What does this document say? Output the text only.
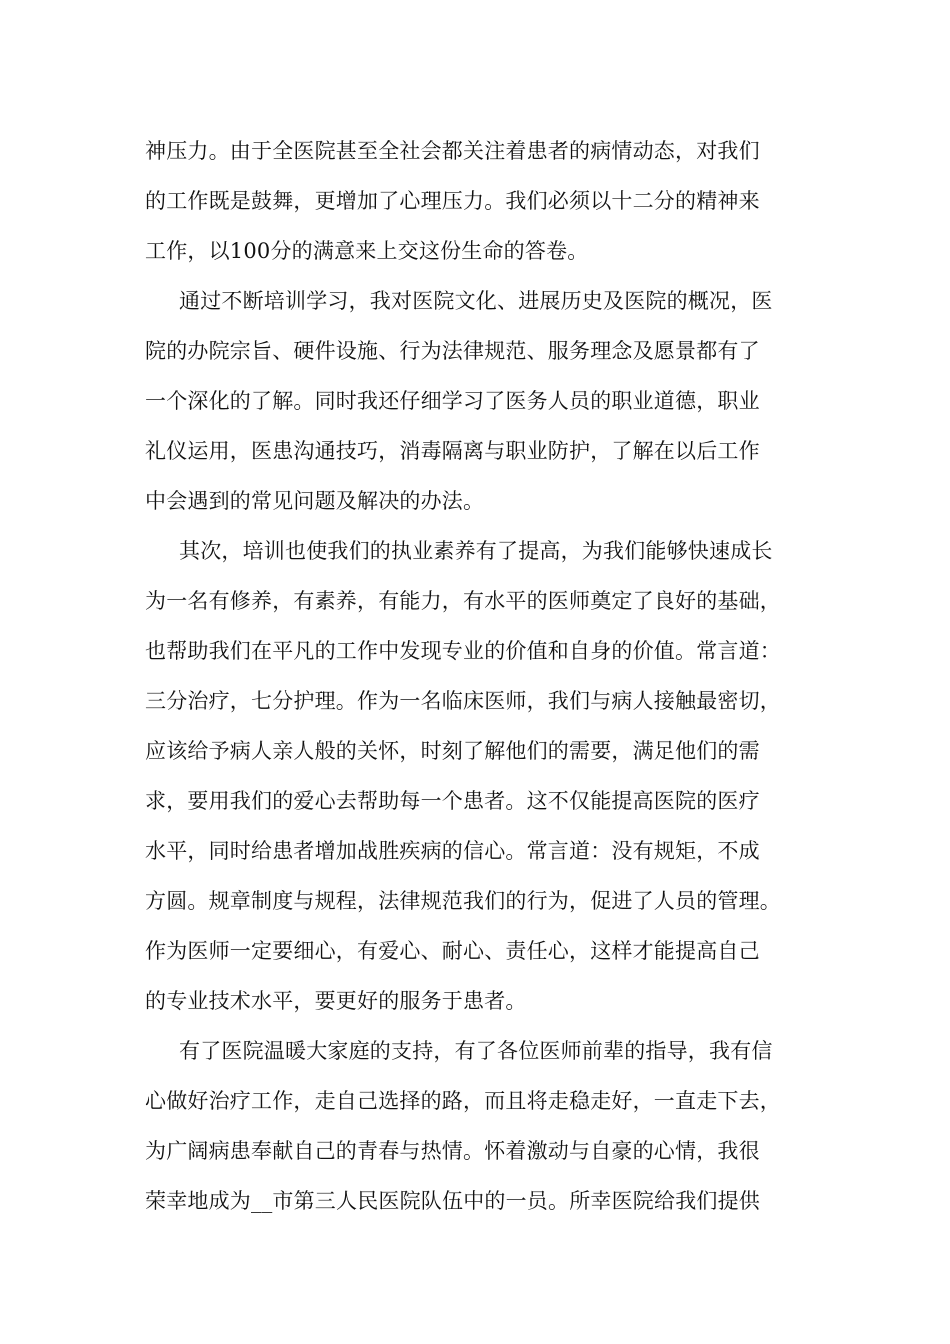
神压力。由于全医院甚至全社会都关注着患者的病情动态，对我们
的工作既是鼓舞，更增加了心理压力。我们必须以十二分的精神来
工作，以100分的满意来上交这份生命的答卷。
通过不断培训学习，我对医院文化、进展历史及医院的概况，医
院的办院宗旨、硬件设施、行为法律规范、服务理念及愿景都有了
一个深化的了解。同时我还仔细学习了医务人员的职业道德，职业
礼仪运用，医患沟通技巧，消毒隔离与职业防护，了解在以后工作
中会遇到的常见问题及解决的办法。
其次，培训也使我们的执业素养有了提高，为我们能够快速成长
为一名有修养，有素养，有能力，有水平的医师奠定了良好的基础，
也帮助我们在平凡的工作中发现专业的价值和自身的价值。常言道：
三分治疗，七分护理。作为一名临床医师，我们与病人接触最密切，
应该给予病人亲人般的关怀，时刻了解他们的需要，满足他们的需
求，要用我们的爱心去帮助每一个患者。这不仅能提高医院的医疗
水平，同时给患者增加战胜疾病的信心。常言道：没有规矩，不成
方圆。规章制度与规程，法律规范我们的行为，促进了人员的管理。
作为医师一定要细心，有爱心、耐心、责任心，这样才能提高自己
的专业技术水平，要更好的服务于患者。
有了医院温暖大家庭的支持，有了各位医师前辈的指导，我有信
心做好治疗工作，走自己选择的路，而且将走稳走好，一直走下去，
为广阔病患奉献自己的青春与热情。怀着激动与自豪的心情，我很
荣幸地成为__市第三人民医院队伍中的一员。所幸医院给我们提供
